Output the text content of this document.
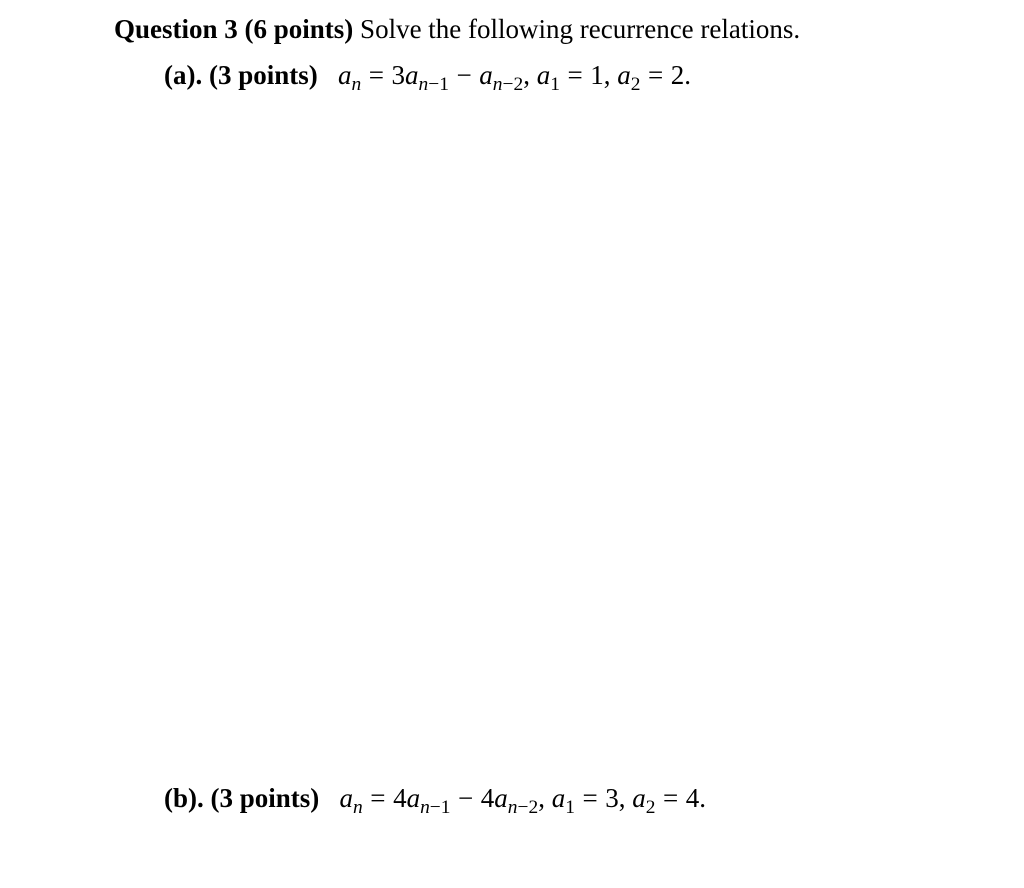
Question 3 (6 points) Solve the following recurrence relations.
(a). (3 points) $a_n = 3a_{n-1} - a_{n-2}$, $a_1 = 1$, $a_2 = 2$.
(b). (3 points) $a_n = 4a_{n-1} - 4a_{n-2}$, $a_1 = 3$, $a_2 = 4$.
